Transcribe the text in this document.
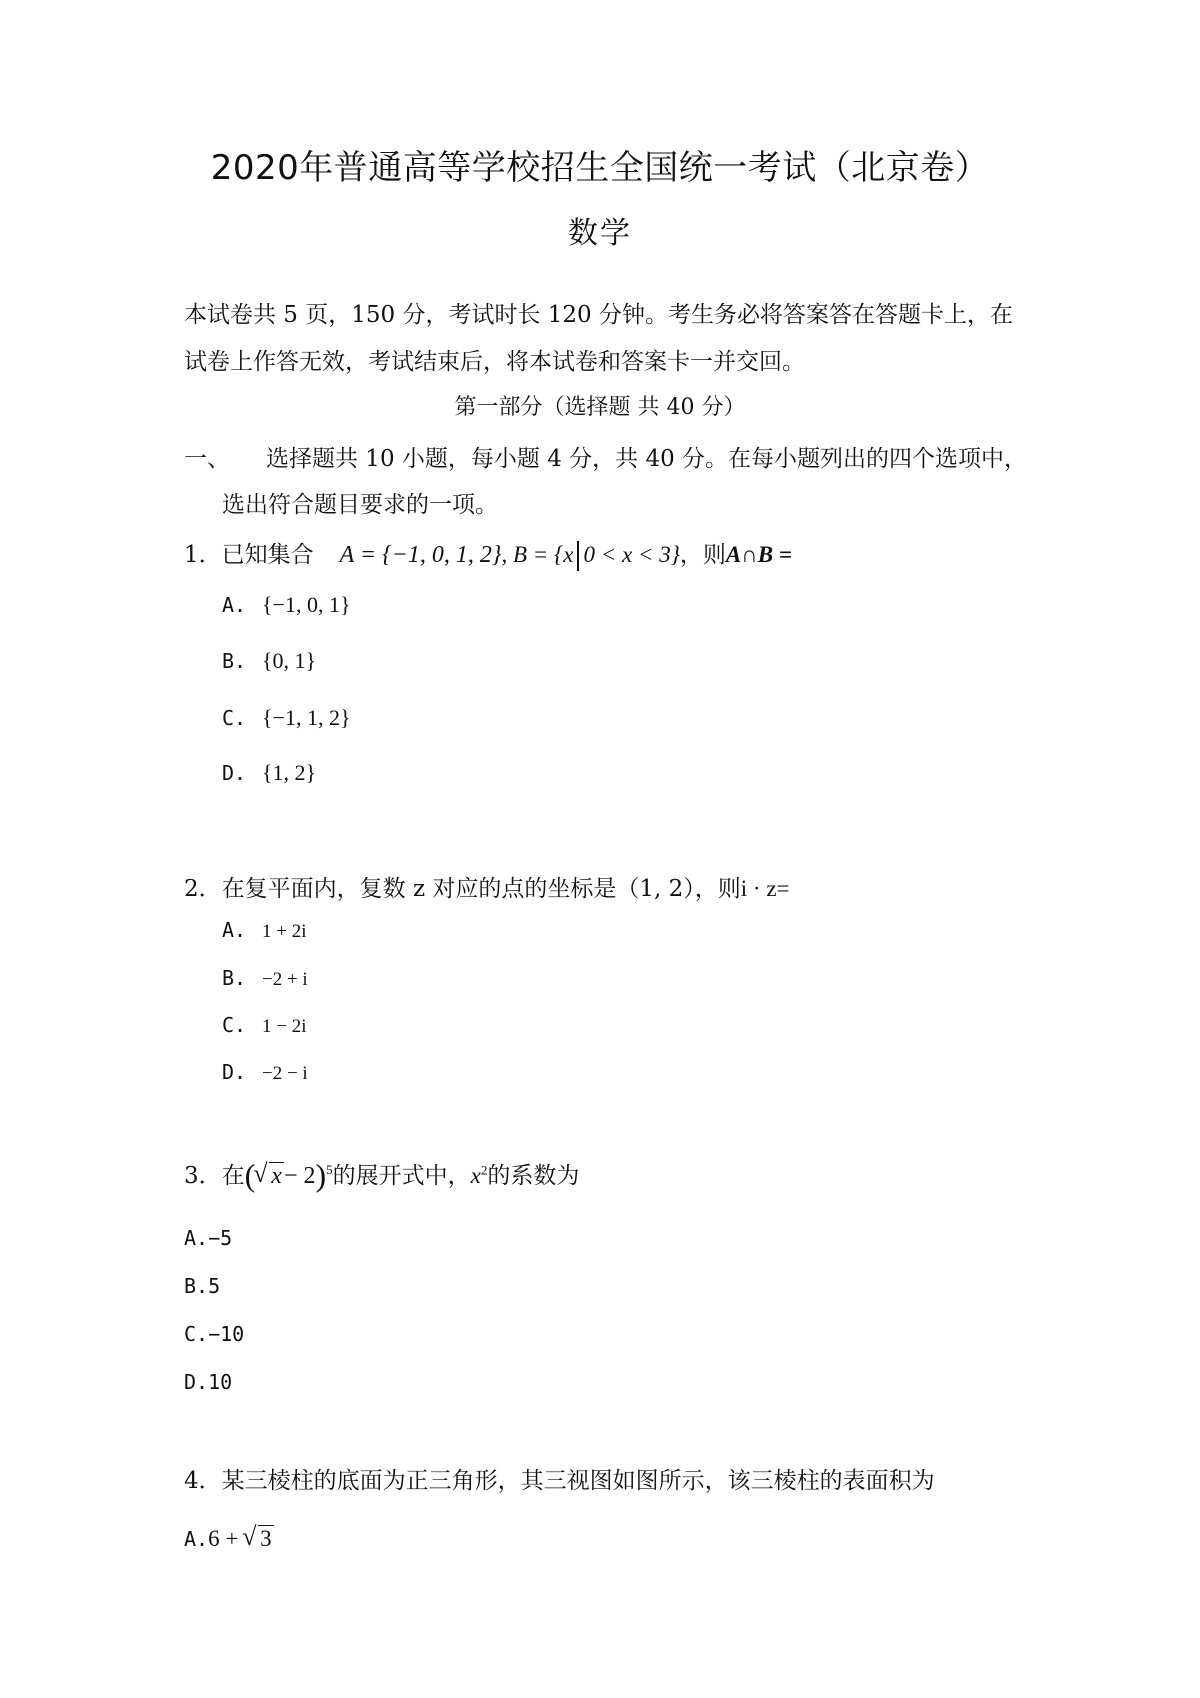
2020年普通高等学校招生全国统一考试（北京卷）
数学
本试卷共 5 页，150 分，考试时长 120 分钟。考生务必将答案答在答题卡上，在
试卷上作答无效，考试结束后，将本试卷和答案卡一并交回。
第一部分（选择题 共 40 分）
一、 选择题共 10 小题，每小题 4 分，共 40 分。在每小题列出的四个选项中，
选出符合题目要求的一项。
1．已知集合 A = {−1, 0, 1, 2}, B = {x 0 < x < 3}，则A∩B =
A. {−1, 0, 1}
B. {0, 1}
C. {−1, 1, 2}
D. {1, 2}
2．在复平面内，复数 z 对应的点的坐标是（1, 2），则i · z=
A. 1 + 2i
B. −2 + i
C. 1 − 2i
D. −2 − i
3．在(√ x− 2)$^5$的展开式中，$x^2$的系数为
A.−5
B.5
C.−10
D.10
4．某三棱柱的底面为正三角形，其三视图如图所示，该三棱柱的表面积为
A.6 + √ 3
